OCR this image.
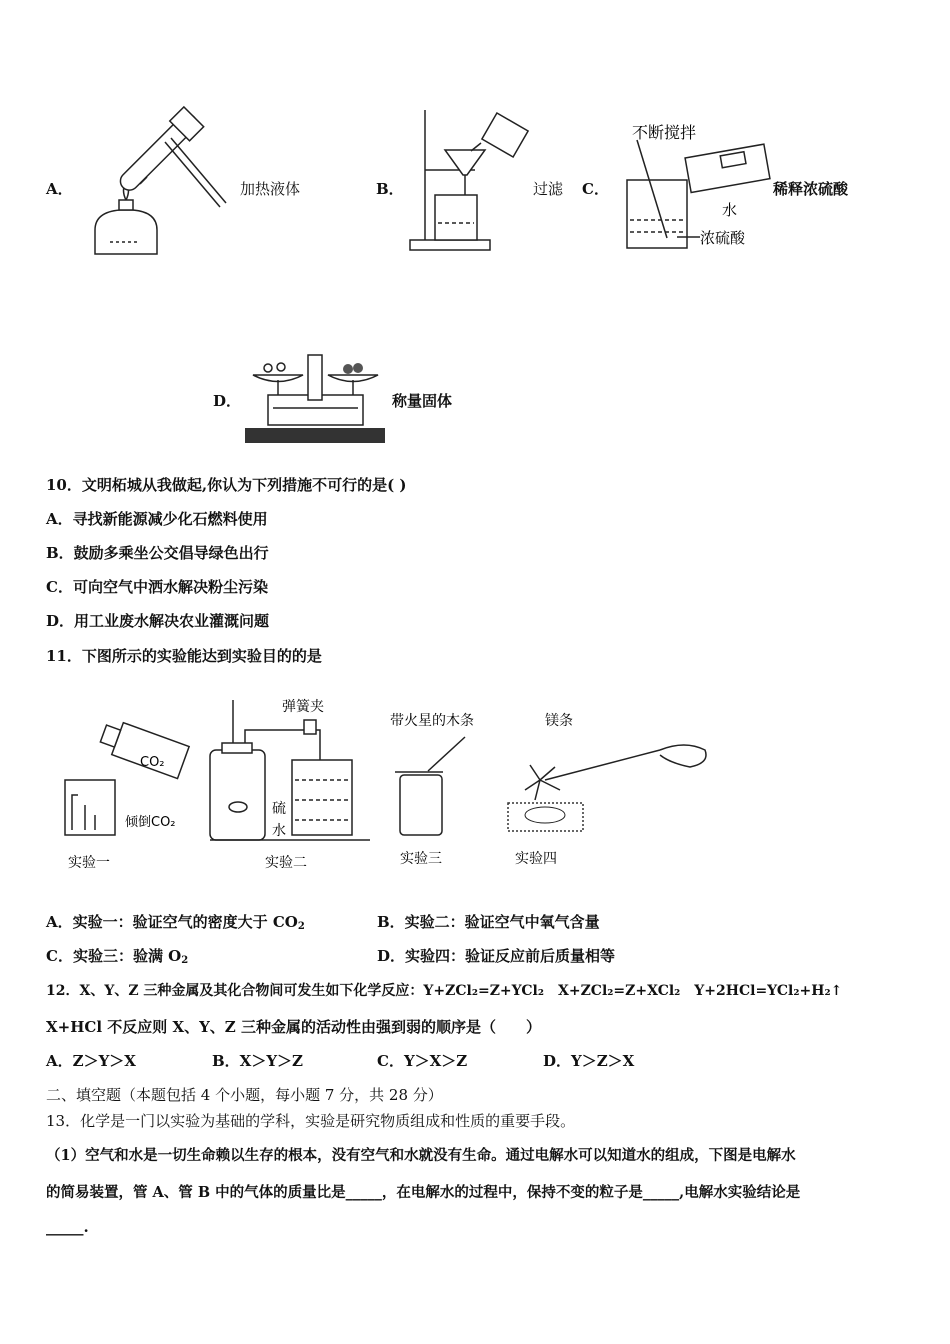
A．	加热液体	B．	过滤
不断搅拌
水
浓硫酸
C．	稀释浓硫酸
D．	称量固体
10．文明柘城从我做起,你认为下列措施不可行的是( )
A．寻找新能源减少化石燃料使用
B．鼓励多乘坐公交倡导绿色出行
C．可向空气中洒水解决粉尘污染
D．用工业废水解决农业灌溉问题
11．下图所示的实验能达到实验目的的是
CO₂
倾倒CO₂
实验一
弹簧夹
硫
水
实验二
带火星的木条
实验三
镁条
实验四
A．实验一：验证空气的密度大于 $CO_2$	B．实验二：验证空气中氧气含量
C．实验三：验满 $O_2$	D．实验四：验证反应前后质量相等
12．X、Y、Z 三种金属及其化合物间可发生如下化学反应：Y+ZCl₂=Z+YCl₂　X+ZCl₂=Z+XCl₂　Y+2HCl=YCl₂+H₂↑
X+HCl 不反应则 X、Y、Z 三种金属的活动性由强到弱的顺序是（　　）
A．Z＞Y＞X	B．X＞Y＞Z	C．Y＞X＞Z	D．Y＞Z＞X
二、填空题（本题包括 4 个小题，每小题 7 分，共 28 分）
13．化学是一门以实验为基础的学科，实验是研究物质组成和性质的重要手段。
（1）空气和水是一切生命赖以生存的根本，没有空气和水就没有生命。通过电解水可以知道水的组成，下图是电解水
的简易装置，管 A、管 B 中的气体的质量比是_____，在电解水的过程中，保持不变的粒子是_____,电解水实验结论是
_____.
